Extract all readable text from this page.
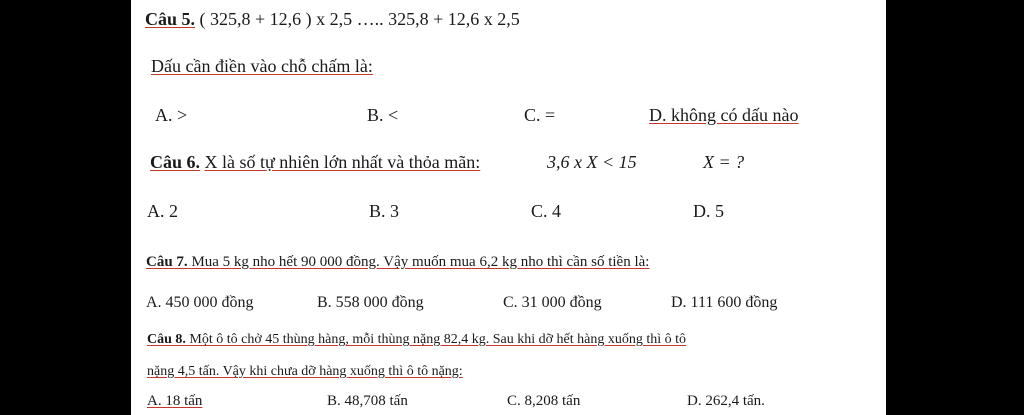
Câu 5. ( 325,8 + 12,6 ) x 2,5 ….. 325,8 + 12,6 x 2,5
Dấu cần điền vào chỗ chấm là:
A. >	B. <	C. =	D. không có dấu nào
Câu 6. X là số tự nhiên lớn nhất và thỏa mãn:	3,6 x X < 15	X = ?
A. 2	B. 3	C. 4	D. 5
Câu 7. Mua 5 kg nho hết 90 000 đồng. Vậy muốn mua 6,2 kg nho thì cần số tiền là:
A. 450 000 đồng	B. 558 000 đồng	C. 31 000 đồng	D. 111 600 đồng
Câu 8. Một ô tô chở 45 thùng hàng, mỗi thùng nặng 82,4 kg. Sau khi dỡ hết hàng xuống thì ô tô
nặng 4,5 tấn. Vậy khi chưa dỡ hàng xuống thì ô tô nặng:
A. 18 tấn	B. 48,708 tấn	C. 8,208 tấn	D. 262,4 tấn.
